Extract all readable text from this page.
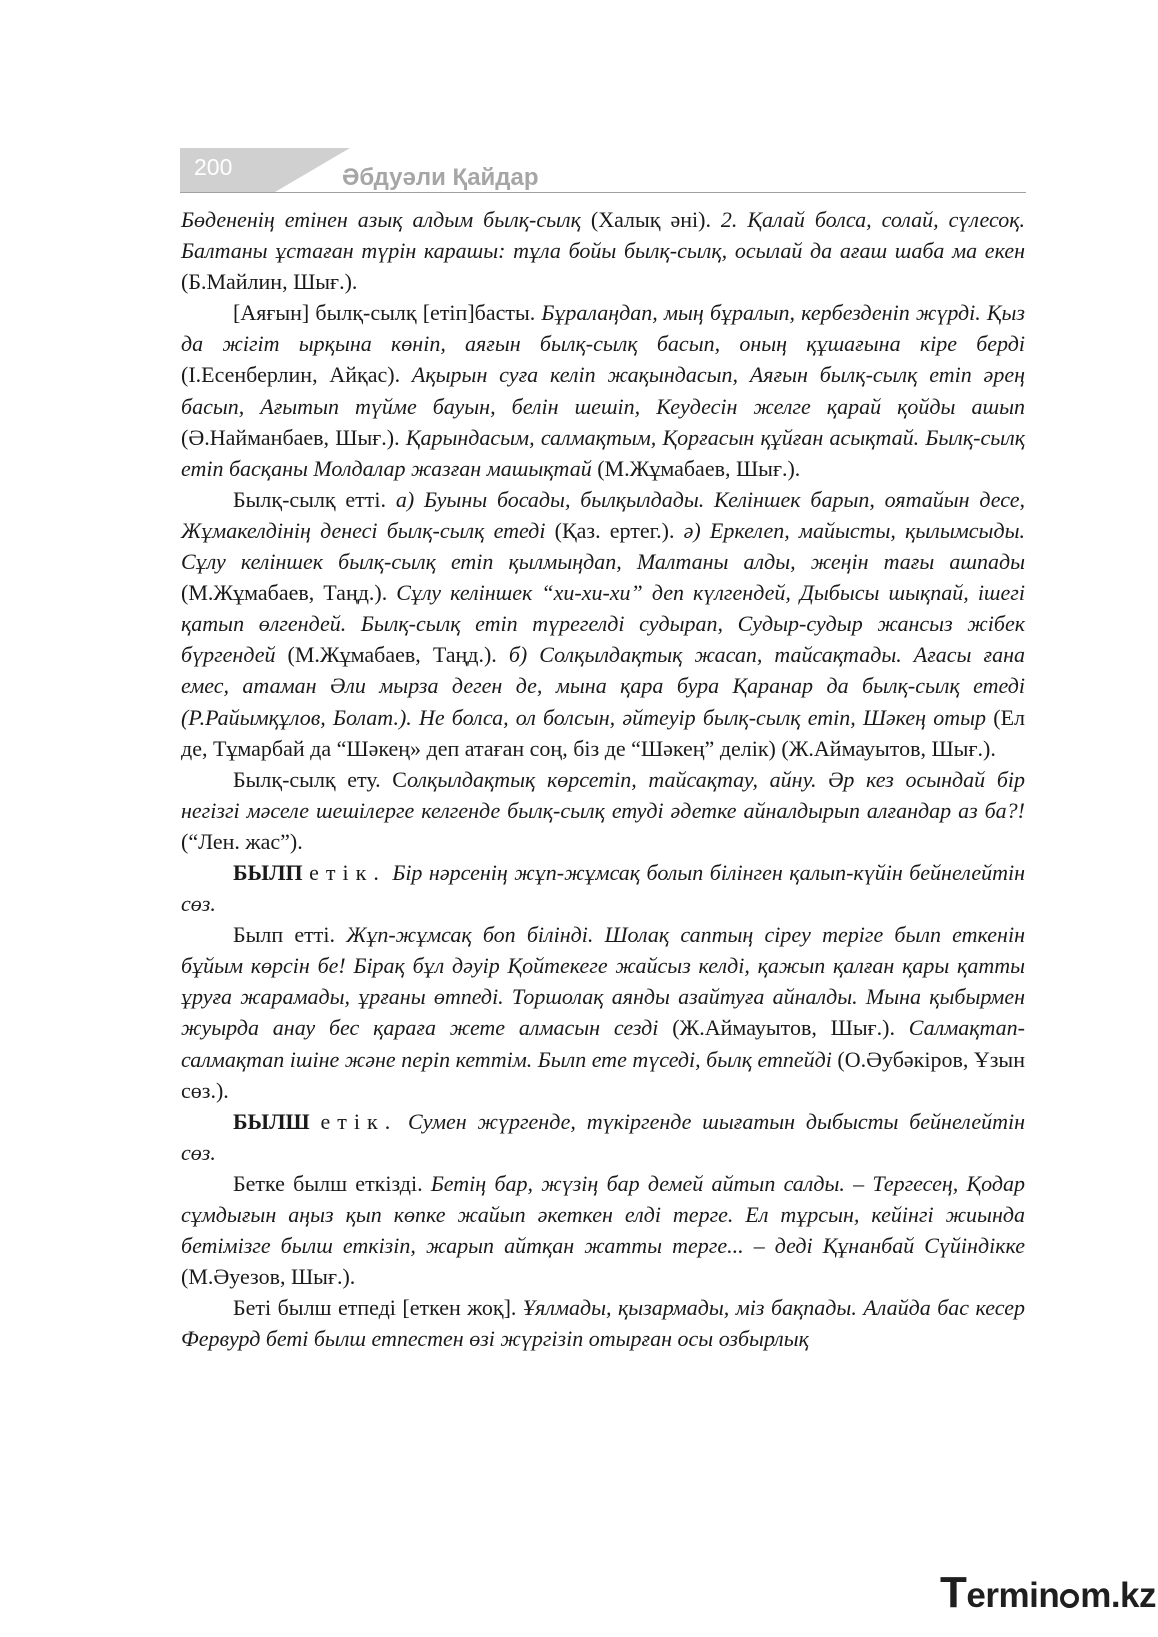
200	Әбдуәли Қайдар

Бөдененің етінен азық алдым былқ-сылқ (Халық әні). 2. Қалай болса, солай, сүлесоқ. Балтаны ұстаған түрін карашы: тұла бойы былқ-сылқ, осылай да ағаш шаба ма екен (Б.Майлин, Шығ.).

[Аяғын] былқ-сылқ [етіп]басты. Бұралаңдап, мың бұралып, кербезденіп жүрді. Қыз да жігіт ырқына көніп, аяғын былқ-сылқ басып, оның құшағына кіре берді (І.Есенберлин, Айқас). Ақырын суға келіп жақындасып, Аяғын былқ-сылқ етіп әрең басып, Ағытып түйме бауын, белін шешіп, Кеудесін желге қарай қойды ашып (Ә.Найманбаев, Шығ.). Қарындасым, салмақтым, Қорғасын құйған асықтай. Былқ-сылқ етіп басқаны Молдалар жазған машықтай (М.Жұмабаев, Шығ.).

Былқ-сылқ етті. а) Буыны босады, былқылдады. Келіншек барып, оятайын десе, Жұмакелдінің денесі былқ-сылқ етеді (Қаз. ертег.). ә) Еркелеп, майысты, қылымсыды. Сұлу келіншек былқ-сылқ етіп қылмыңдап, Малтаны алды, жеңін тағы ашпады (М.Жұмабаев, Таңд.). Сұлу келіншек “хи-хи-хи” деп күлгендей, Дыбысы шықпай, ішегі қатып өлгендей. Былқ-сылқ етіп түрегелді судырап, Судыр-судыр жансыз жібек бүргендей (М.Жұмабаев, Таңд.). б) Солқылдақтық жасап, тайсақтады. Ағасы ғана емес, атаман Әли мырза деген де, мына қара бура Қаранар да былқ-сылқ етеді (Р.Райымқұлов, Болат.). Не болса, ол болсын, әйтеуір былқ-сылқ етіп, Шәкең отыр (Ел де, Тұмарбай да “Шәкең» деп атаған соң, біз де “Шәкең” делік) (Ж.Аймауытов, Шығ.).

Былқ-сылқ ету. Солқылдақтық көрсетіп, тайсақтау, айну. Әр кез осындай бір негізгі мәселе шешілерге келгенде былқ-сылқ етуді әдетке айналдырып алғандар аз ба?! (“Лен. жас”).

БЫЛП етік. Бір нәрсенің жұп-жұмсақ болып білінген қалып-күйін бейнелейтін сөз.

Былп етті. Жұп-жұмсақ боп білінді. Шолақ саптың сіреу теріге былп еткенін бұйым көрсін бе! Бірақ бұл дәуір Қойтекеге жайсыз келді, қажып қалған қары қатты ұруға жарамады, ұрғаны өтпеді. Торшолақ аянды азайтуға айналды. Мына қыбырмен жуырда анау бес қараға жете алмасын сезді (Ж.Аймауытов, Шығ.). Салмақтап-салмақтап ішіне және періп кеттім. Былп ете түседі, былқ етпейді (О.Әубәкіров, Ұзын сөз.).

БЫЛШ етік. Сумен жүргенде, түкіргенде шығатын дыбысты бейнелейтін сөз.

Бетке былш еткізді. Бетің бар, жүзің бар демей айтып салды. – Тергесең, Қодар сұмдығын аңыз қып көпке жайып әкеткен елді терге. Ел тұрсын, кейінгі жиында бетімізге былш еткізіп, жарып айтқан жатты терге... – деді Құнанбай Сүйіндікке (М.Әуезов, Шығ.).

Беті былш етпеді [еткен жоқ]. Ұялмады, қызармады, міз бақпады. Алайда бас кесер Фервурд беті былш етпестен өзі жүргізіп отырған осы озбырлық

Termin m.kz
